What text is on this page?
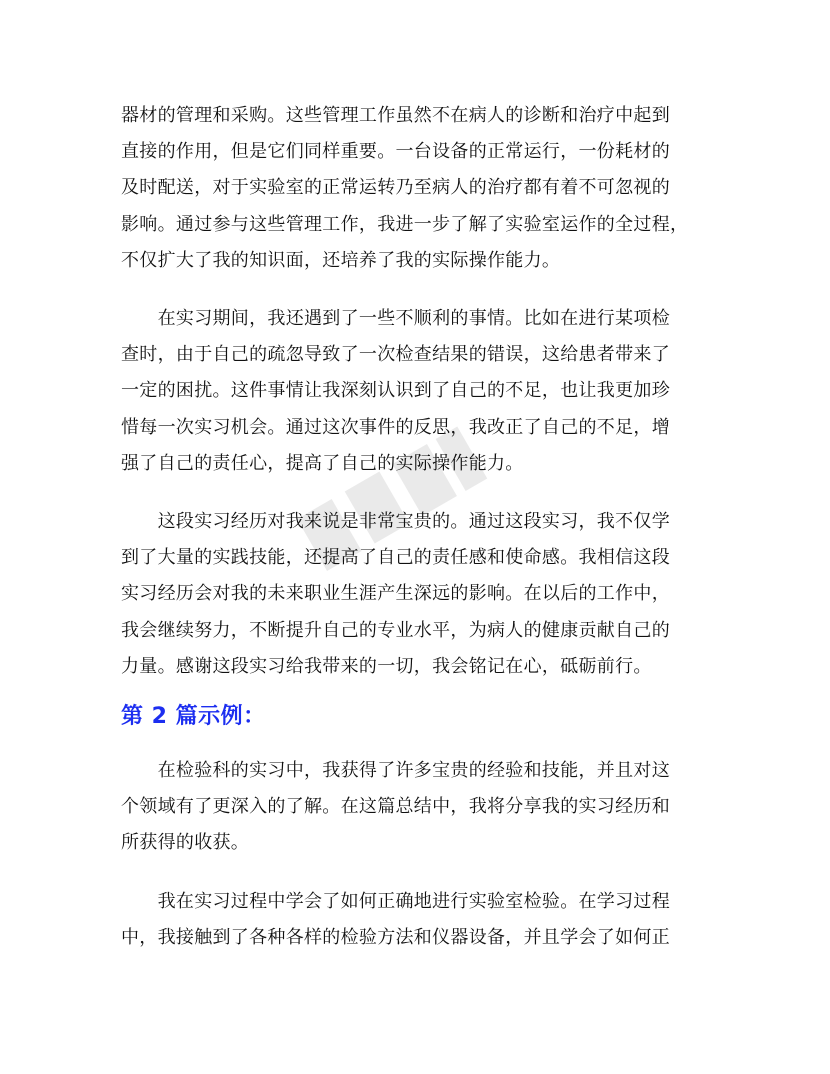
器材的管理和采购。这些管理工作虽然不在病人的诊断和治疗中起到
直接的作用，但是它们同样重要。一台设备的正常运行，一份耗材的
及时配送，对于实验室的正常运转乃至病人的治疗都有着不可忽视的
影响。通过参与这些管理工作，我进一步了解了实验室运作的全过程，
不仅扩大了我的知识面，还培养了我的实际操作能力。

　　在实习期间，我还遇到了一些不顺利的事情。比如在进行某项检
查时，由于自己的疏忽导致了一次检查结果的错误，这给患者带来了
一定的困扰。这件事情让我深刻认识到了自己的不足，也让我更加珍
惜每一次实习机会。通过这次事件的反思，我改正了自己的不足，增
强了自己的责任心，提高了自己的实际操作能力。

　　这段实习经历对我来说是非常宝贵的。通过这段实习，我不仅学
到了大量的实践技能，还提高了自己的责任感和使命感。我相信这段
实习经历会对我的未来职业生涯产生深远的影响。在以后的工作中，
我会继续努力，不断提升自己的专业水平，为病人的健康贡献自己的
力量。感谢这段实习给我带来的一切，我会铭记在心，砥砺前行。

第 2 篇示例：

　　在检验科的实习中，我获得了许多宝贵的经验和技能，并且对这
个领域有了更深入的了解。在这篇总结中，我将分享我的实习经历和
所获得的收获。

　　我在实习过程中学会了如何正确地进行实验室检验。在学习过程
中，我接触到了各种各样的检验方法和仪器设备，并且学会了如何正
